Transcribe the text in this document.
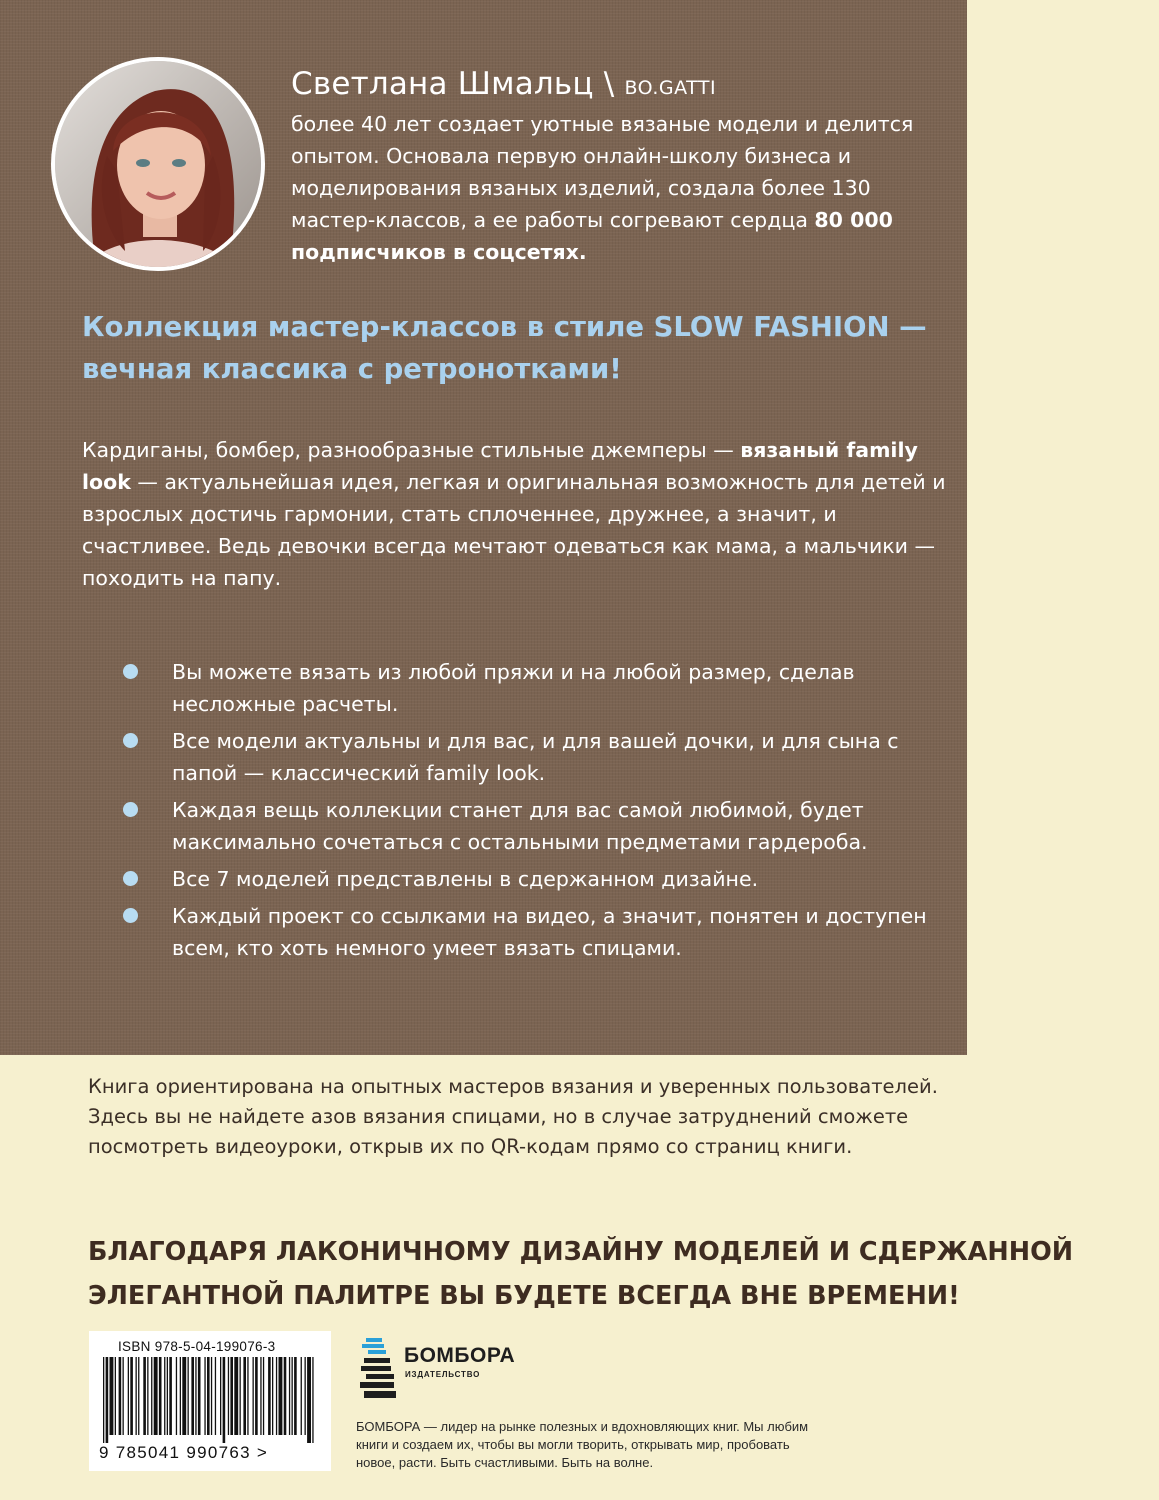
Светлана Шмальц \ BO.GATTI

более 40 лет создает уютные вязаные модели и делится опытом. Основала первую онлайн-школу бизнеса и моделирования вязаных изделий, создала более 130 мастер-классов, а ее работы согревают сердца 80 000 подписчиков в соцсетях.

Коллекция мастер-классов в стиле SLOW FASHION — вечная классика с ретронотками!

Кардиганы, бомбер, разнообразные стильные джемперы — вязаный family look — актуальнейшая идея, легкая и оригинальная возможность для детей и взрослых достичь гармонии, стать сплоченнее, дружнее, а значит, и счастливее. Ведь девочки всегда мечтают одеваться как мама, а мальчики — походить на папу.

Вы можете вязать из любой пряжи и на любой размер, сделав несложные расчеты.
Все модели актуальны и для вас, и для вашей дочки, и для сына с папой — классический family look.
Каждая вещь коллекции станет для вас самой любимой, будет максимально сочетаться с остальными предметами гардероба.
Все 7 моделей представлены в сдержанном дизайне.
Каждый проект со ссылками на видео, а значит, понятен и доступен всем, кто хоть немного умеет вязать спицами.

Книга ориентирована на опытных мастеров вязания и уверенных пользователей. Здесь вы не найдете азов вязания спицами, но в случае затруднений сможете посмотреть видеоуроки, открыв их по QR-кодам прямо со страниц книги.

БЛАГОДАРЯ ЛАКОНИЧНОМУ ДИЗАЙНУ МОДЕЛЕЙ И СДЕРЖАННОЙ
ЭЛЕГАНТНОЙ ПАЛИТРЕ ВЫ БУДЕТЕ ВСЕГДА ВНЕ ВРЕМЕНИ!

ISBN 978-5-04-199076-3
9 785041 990763 >
БОМБОРА
ИЗДАТЕЛЬСТВО

БОМБОРА — лидер на рынке полезных и вдохновляющих книг. Мы любим книги и создаем их, чтобы вы могли творить, открывать мир, пробовать новое, расти. Быть счастливыми. Быть на волне.
